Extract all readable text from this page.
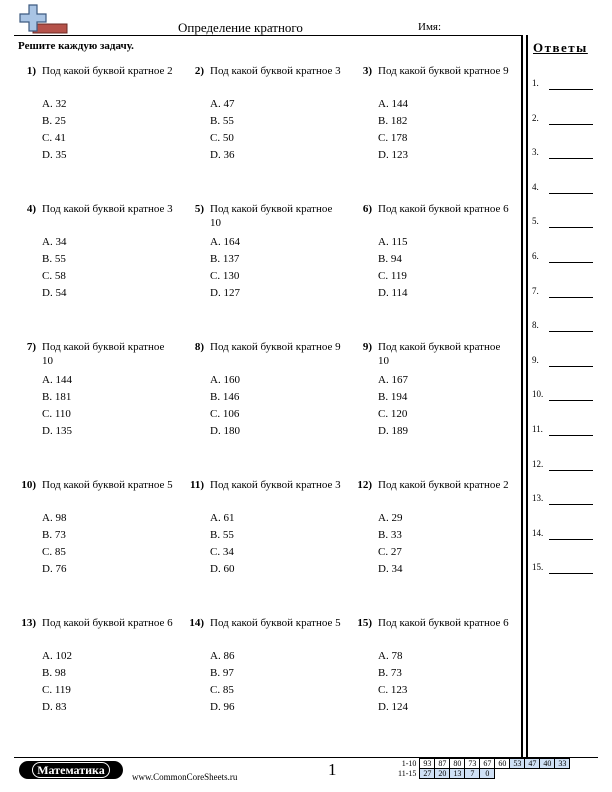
Определение кратного	Имя:
Решите каждую задачу.	Ответы
1.
2.
3.
4.
5.
6.
7.
8.
9.
10.
11.
12.
13.
14.
15.
1) Под какой буквой кратное 2
A. 32
B. 25
C. 41
D. 35
2) Под какой буквой кратное 3
A. 47
B. 55
C. 50
D. 36
3) Под какой буквой кратное 9
A. 144
B. 182
C. 178
D. 123
4) Под какой буквой кратное 3
A. 34
B. 55
C. 58
D. 54
5) Под какой буквой кратное 10
A. 164
B. 137
C. 130
D. 127
6) Под какой буквой кратное 6
A. 115
B. 94
C. 119
D. 114
7) Под какой буквой кратное 10
A. 144
B. 181
C. 110
D. 135
8) Под какой буквой кратное 9
A. 160
B. 146
C. 106
D. 180
9) Под какой буквой кратное 10
A. 167
B. 194
C. 120
D. 189
10) Под какой буквой кратное 5
A. 98
B. 73
C. 85
D. 76
11) Под какой буквой кратное 3
A. 61
B. 55
C. 34
D. 60
12) Под какой буквой кратное 2
A. 29
B. 33
C. 27
D. 34
13) Под какой буквой кратное 6
A. 102
B. 98
C. 119
D. 83
14) Под какой буквой кратное 5
A. 86
B. 97
C. 85
D. 96
15) Под какой буквой кратное 6
A. 78
B. 73
C. 123
D. 124
Математика	www.CommonCoreSheets.ru	1	1-10	93	87	80	73	67	60	53	47	40	33
11-15	27	20	13	7	0					
